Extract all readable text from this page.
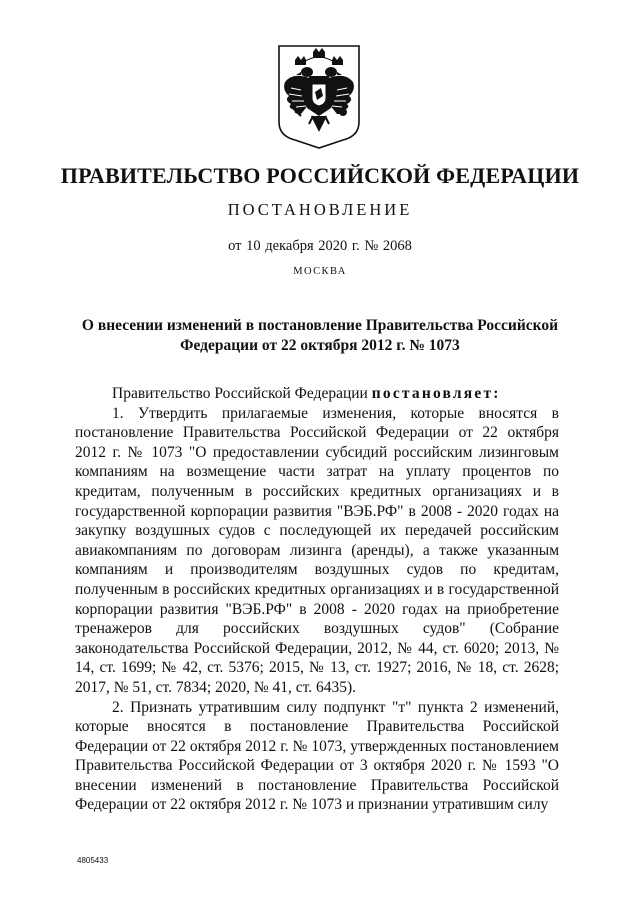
ПРАВИТЕЛЬСТВО РОССИЙСКОЙ ФЕДЕРАЦИИ
ПОСТАНОВЛЕНИЕ
от 10 декабря 2020 г. № 2068
МОСКВА
О внесении изменений в постановление Правительства Российской Федерации от 22 октября 2012 г. № 1073

Правительство Российской Федерации постановляет:

1. Утвердить прилагаемые изменения, которые вносятся в постановление Правительства Российской Федерации от 22 октября 2012 г. № 1073 "О предоставлении субсидий российским лизинговым компаниям на возмещение части затрат на уплату процентов по кредитам, полученным в российских кредитных организациях и в государственной корпорации развития "ВЭБ.РФ" в 2008 - 2020 годах на закупку воздушных судов с последующей их передачей российским авиакомпаниям по договорам лизинга (аренды), а также указанным компаниям и производителям воздушных судов по кредитам, полученным в российских кредитных организациях и в государственной корпорации развития "ВЭБ.РФ" в 2008 - 2020 годах на приобретение тренажеров для российских воздушных судов" (Собрание законодательства Российской Федерации, 2012, № 44, ст. 6020; 2013, № 14, ст. 1699; № 42, ст. 5376; 2015, № 13, ст. 1927; 2016, № 18, ст. 2628; 2017, № 51, ст. 7834; 2020, № 41, ст. 6435).

2. Признать утратившим силу подпункт "т" пункта 2 изменений, которые вносятся в постановление Правительства Российской Федерации от 22 октября 2012 г. № 1073, утвержденных постановлением Правительства Российской Федерации от 3 октября 2020 г. № 1593 "О внесении изменений в постановление Правительства Российской Федерации от 22 октября 2012 г. № 1073 и признании утратившим силу

4805433
